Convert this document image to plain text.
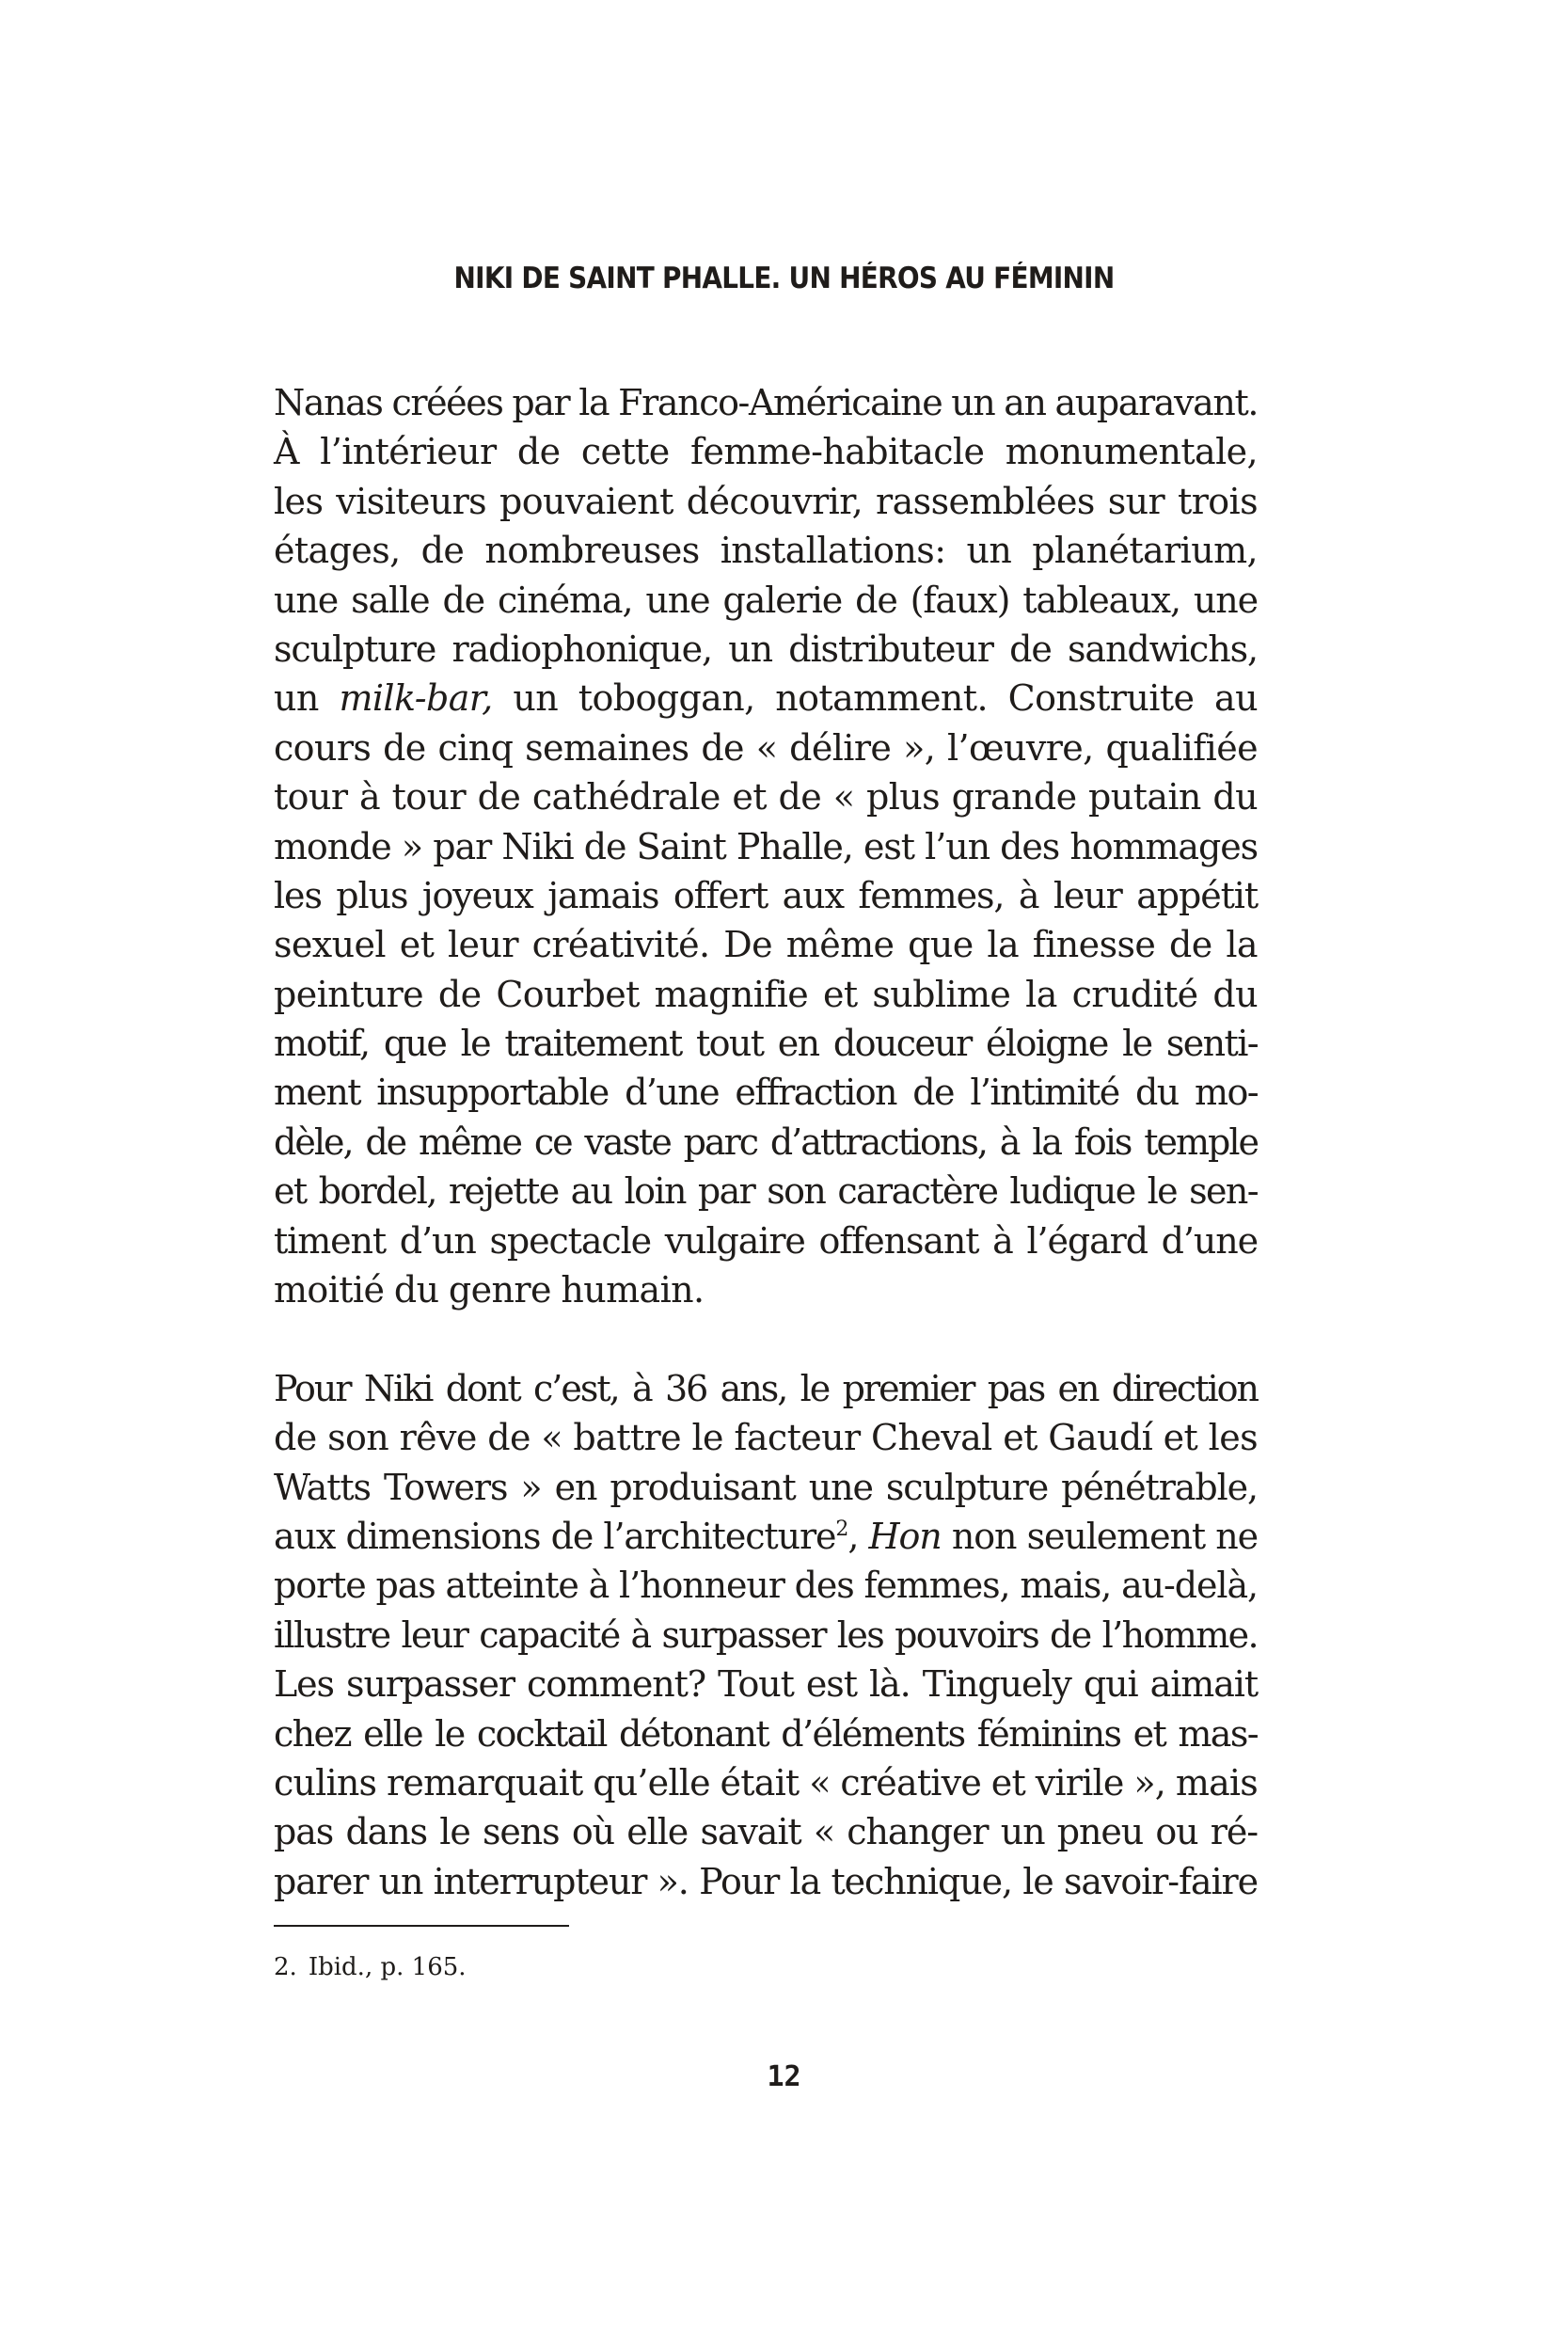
NIKI DE SAINT PHALLE. UN HÉROS AU FÉMININ
Nanas créées par la Franco-Américaine un an auparavant.
À l’intérieur de cette femme-habitacle monumentale,
les visiteurs pouvaient découvrir, rassemblées sur trois
étages, de nombreuses installations: un planétarium,
une salle de cinéma, une galerie de (faux) tableaux, une
sculpture radiophonique, un distributeur de sandwichs,
un milk-bar, un toboggan, notamment. Construite au
cours de cinq semaines de « délire », l’œuvre, qualifiée
tour à tour de cathédrale et de « plus grande putain du
monde » par Niki de Saint Phalle, est l’un des hommages
les plus joyeux jamais offert aux femmes, à leur appétit
sexuel et leur créativité. De même que la finesse de la
peinture de Courbet magnifie et sublime la crudité du
motif, que le traitement tout en douceur éloigne le senti-
ment insupportable d’une effraction de l’intimité du mo-
dèle, de même ce vaste parc d’attractions, à la fois temple
et bordel, rejette au loin par son caractère ludique le sen-
timent d’un spectacle vulgaire offensant à l’égard d’une
moitié du genre humain.
Pour Niki dont c’est, à 36 ans, le premier pas en direction
de son rêve de « battre le facteur Cheval et Gaudí et les
Watts Towers » en produisant une sculpture pénétrable,
aux dimensions de l’architecture$^2$, Hon non seulement ne
porte pas atteinte à l’honneur des femmes, mais, au-delà,
illustre leur capacité à surpasser les pouvoirs de l’homme.
Les surpasser comment? Tout est là. Tinguely qui aimait
chez elle le cocktail détonant d’éléments féminins et mas-
culins remarquait qu’elle était « créative et virile », mais
pas dans le sens où elle savait « changer un pneu ou ré-
parer un interrupteur ». Pour la technique, le savoir-faire
2. Ibid., p. 165.
12
